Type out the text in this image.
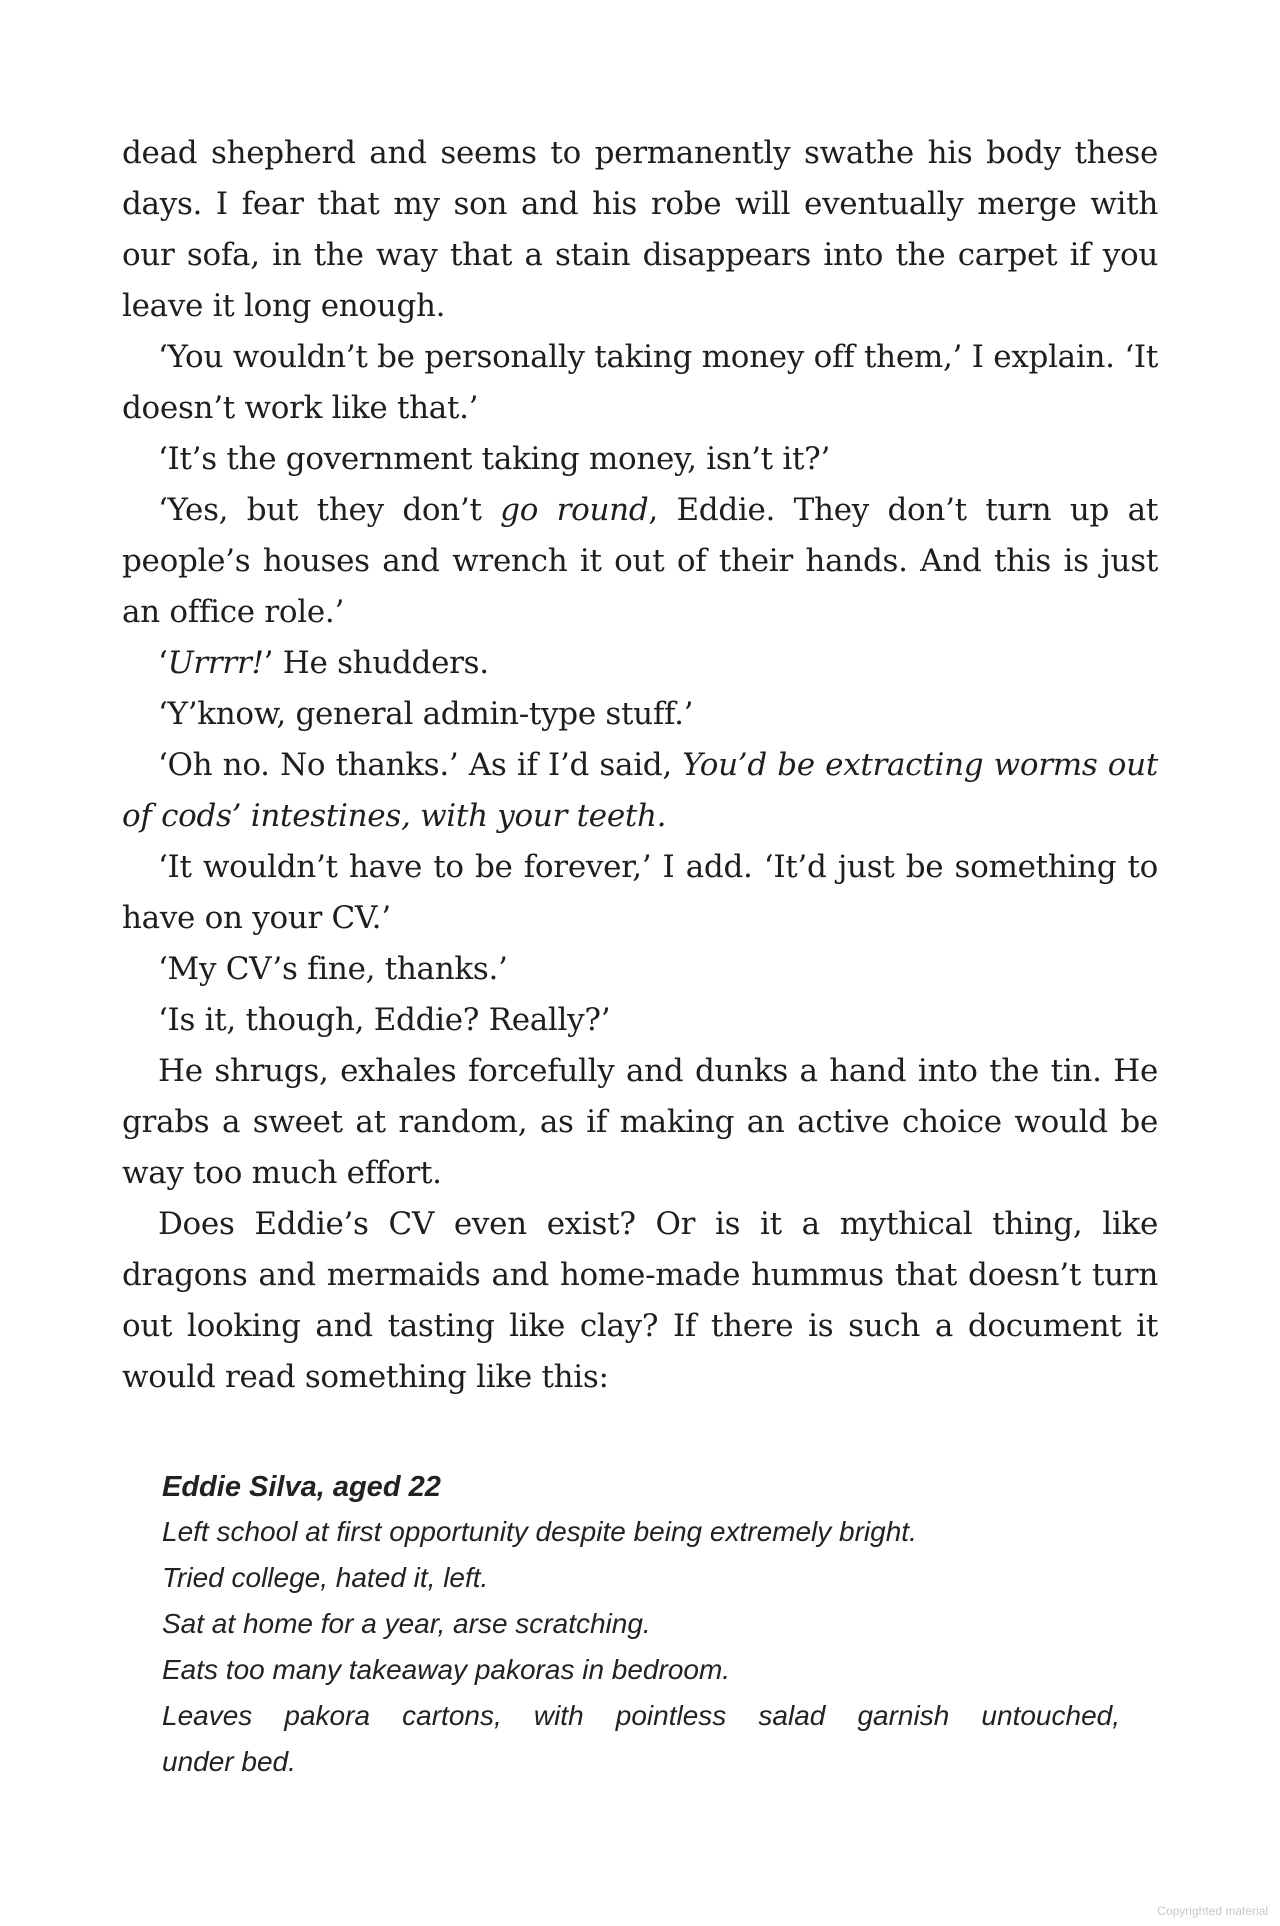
dead shepherd and seems to permanently swathe his body these days. I fear that my son and his robe will eventually merge with our sofa, in the way that a stain disappears into the carpet if you leave it long enough.

‘You wouldn’t be personally taking money off them,’ I explain. ‘It doesn’t work like that.’

‘It’s the government taking money, isn’t it?’

‘Yes, but they don’t go round, Eddie. They don’t turn up at people’s houses and wrench it out of their hands. And this is just an office role.’

‘Urrrr!’ He shudders.

‘Y’know, general admin-type stuff.’

‘Oh no. No thanks.’ As if I’d said, You’d be extracting worms out of cods’ intestines, with your teeth.

‘It wouldn’t have to be forever,’ I add. ‘It’d just be something to have on your CV.’

‘My CV’s fine, thanks.’

‘Is it, though, Eddie? Really?’

He shrugs, exhales forcefully and dunks a hand into the tin. He grabs a sweet at random, as if making an active choice would be way too much effort.

Does Eddie’s CV even exist? Or is it a mythical thing, like dragons and mermaids and home-made hummus that doesn’t turn out looking and tasting like clay? If there is such a document it would read something like this:

Eddie Silva, aged 22
Left school at first opportunity despite being extremely bright.
Tried college, hated it, left.
Sat at home for a year, arse scratching.
Eats too many takeaway pakoras in bedroom.
Leaves pakora cartons, with pointless salad garnish untouched,
under bed.
Copyrighted material
